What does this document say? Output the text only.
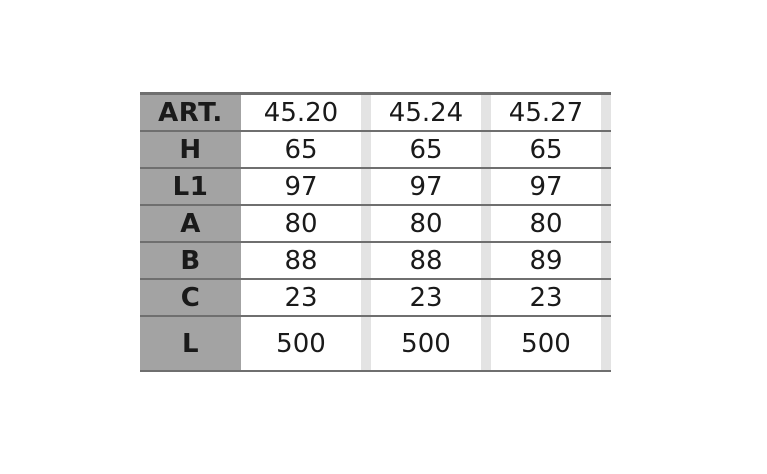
ART.	45.20	45.24	45.27
H	65	65	65
L1	97	97	97
A	80	80	80
B	88	88	89
C	23	23	23
L	500	500	500
